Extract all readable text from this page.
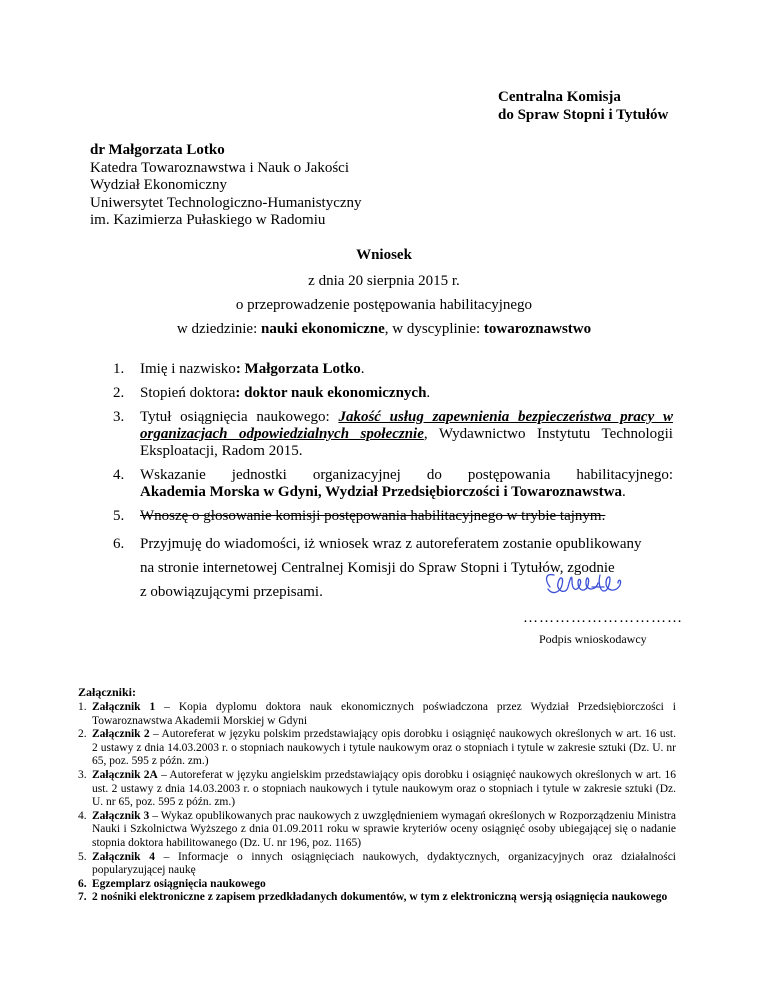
Centralna Komisja
do Spraw Stopni i Tytułów
dr Małgorzata Lotko
Katedra Towaroznawstwa i Nauk o Jakości
Wydział Ekonomiczny
Uniwersytet Technologiczno-Humanistyczny
im. Kazimierza Pułaskiego w Radomiu
Wniosek
z dnia 20 sierpnia 2015 r.
o przeprowadzenie postępowania habilitacyjnego
w dziedzinie: nauki ekonomiczne, w dyscyplinie: towaroznawstwo
1. Imię i nazwisko: Małgorzata Lotko.
2. Stopień doktora: doktor nauk ekonomicznych.
3. Tytuł osiągnięcia naukowego: Jakość usług zapewnienia bezpieczeństwa pracy w organizacjach odpowiedzialnych społecznie, Wydawnictwo Instytutu Technologii Eksploatacji, Radom 2015.
4. Wskazanie jednostki organizacyjnej do postępowania habilitacyjnego:
Akademia Morska w Gdyni, Wydział Przedsiębiorczości i Towaroznawstwa.
5. Wnoszę o głosowanie komisji postępowania habilitacyjnego w trybie tajnym.
6. Przyjmuję do wiadomości, iż wniosek wraz z autoreferatem zostanie opublikowany
na stronie internetowej Centralnej Komisji do Spraw Stopni i Tytułów, zgodnie
z obowiązującymi przepisami.
…………………………
Podpis wnioskodawcy
Załączniki:
1. Załącznik 1 – Kopia dyplomu doktora nauk ekonomicznych poświadczona przez Wydział Przedsiębiorczości i Towaroznawstwa Akademii Morskiej w Gdyni
2. Załącznik 2 – Autoreferat w języku polskim przedstawiający opis dorobku i osiągnięć naukowych określonych w art. 16 ust. 2 ustawy z dnia 14.03.2003 r. o stopniach naukowych i tytule naukowym oraz o stopniach i tytule w zakresie sztuki (Dz. U. nr 65, poz. 595 z późn. zm.)
3. Załącznik 2A – Autoreferat w języku angielskim przedstawiający opis dorobku i osiągnięć naukowych określonych w art. 16 ust. 2 ustawy z dnia 14.03.2003 r. o stopniach naukowych i tytule naukowym oraz o stopniach i tytule w zakresie sztuki (Dz. U. nr 65, poz. 595 z późn. zm.)
4. Załącznik 3 – Wykaz opublikowanych prac naukowych z uwzględnieniem wymagań określonych w Rozporządzeniu Ministra Nauki i Szkolnictwa Wyższego z dnia 01.09.2011 roku w sprawie kryteriów oceny osiągnięć osoby ubiegającej się o nadanie stopnia doktora habilitowanego (Dz. U. nr 196, poz. 1165)
5. Załącznik 4 – Informacje o innych osiągnięciach naukowych, dydaktycznych, organizacyjnych oraz działalności popularyzującej naukę
6. Egzemplarz osiągnięcia naukowego
7. 2 nośniki elektroniczne z zapisem przedkładanych dokumentów, w tym z elektroniczną wersją osiągnięcia naukowego
